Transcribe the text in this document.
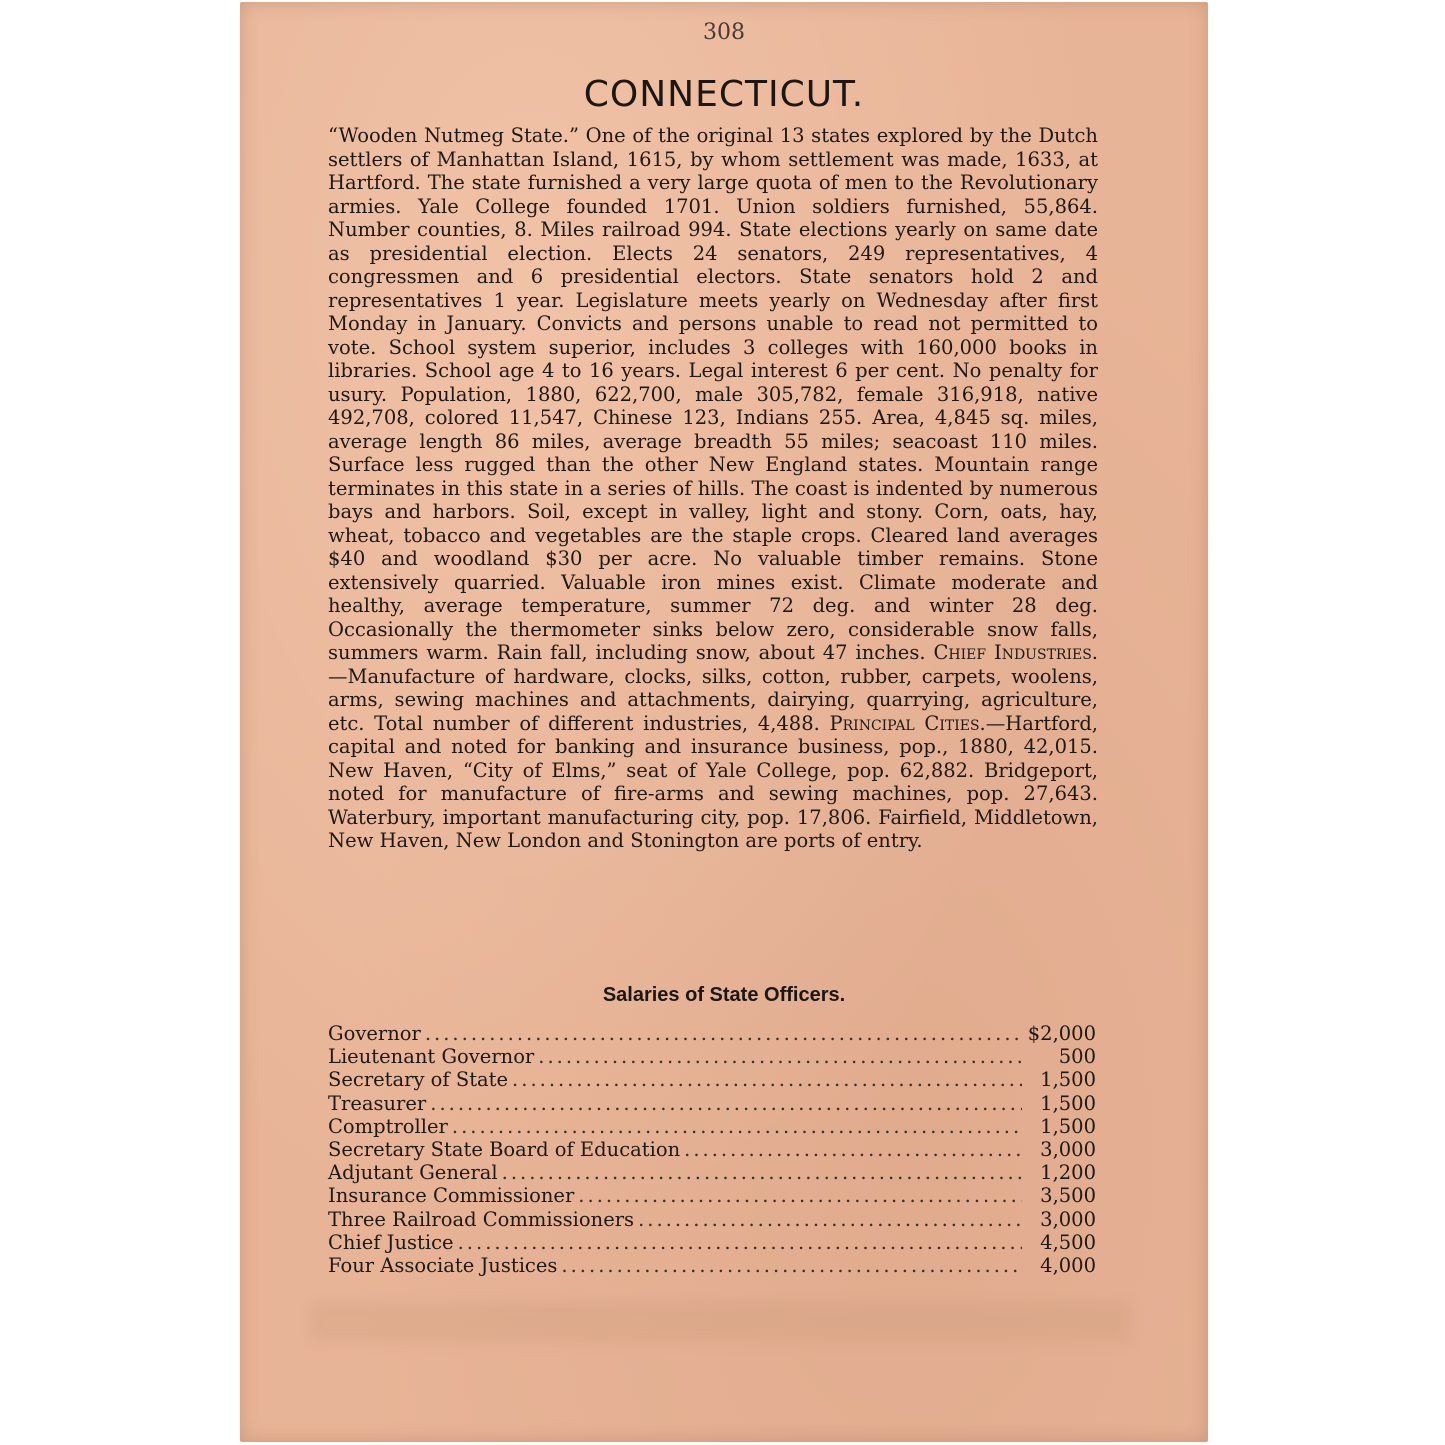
308
CONNECTICUT.
“Wooden Nutmeg State.” One of the original 13 states explored by the Dutch settlers of Manhattan Island, 1615, by whom settlement was made, 1633, at Hartford. The state furnished a very large quota of men to the Revolutionary armies. Yale College founded 1701. Union soldiers furnished, 55,864. Number counties, 8. Miles railroad 994. State elections yearly on same date as presidential election. Elects 24 senators, 249 representatives, 4 congressmen and 6 presidential electors. State senators hold 2 and representatives 1 year. Legislature meets yearly on Wednesday after first Monday in January. Convicts and persons unable to read not permitted to vote. School system superior, includes 3 colleges with 160,000 books in libraries. School age 4 to 16 years. Legal interest 6 per cent. No penalty for usury. Population, 1880, 622,700, male 305,782, female 316,918, native 492,708, colored 11,547, Chinese 123, Indians 255. Area, 4,845 sq. miles, average length 86 miles, average breadth 55 miles; seacoast 110 miles. Surface less rugged than the other New England states. Mountain range terminates in this state in a series of hills. The coast is indented by numerous bays and harbors. Soil, except in valley, light and stony. Corn, oats, hay, wheat, tobacco and vegetables are the staple crops. Cleared land averages $40 and woodland $30 per acre. No valuable timber remains. Stone extensively quarried. Valuable iron mines exist. Climate moderate and healthy, average temperature, summer 72 deg. and winter 28 deg. Occasionally the thermometer sinks below zero, considerable snow falls, summers warm. Rain fall, including snow, about 47 inches. Chief Industries.—Manufacture of hardware, clocks, silks, cotton, rubber, carpets, woolens, arms, sewing machines and attachments, dairying, quarrying, agriculture, etc. Total number of different industries, 4,488. Principal Cities.—Hartford, capital and noted for banking and insurance business, pop., 1880, 42,015. New Haven, “City of Elms,” seat of Yale College, pop. 62,882. Bridgeport, noted for manufacture of fire-arms and sewing machines, pop. 27,643. Waterbury, important manufacturing city, pop. 17,806. Fairfield, Middletown, New Haven, New London and Stonington are ports of entry.
Salaries of State Officers.
Governor .....	$2,000
Lieutenant Governor .....	500
Secretary of State .....	1,500
Treasurer .....	1,500
Comptroller .....	1,500
Secretary State Board of Education .....	3,000
Adjutant General .....	1,200
Insurance Commissioner .....	3,500
Three Railroad Commissioners .....	3,000
Chief Justice .....	4,500
Four Associate Justices .....	4,000
